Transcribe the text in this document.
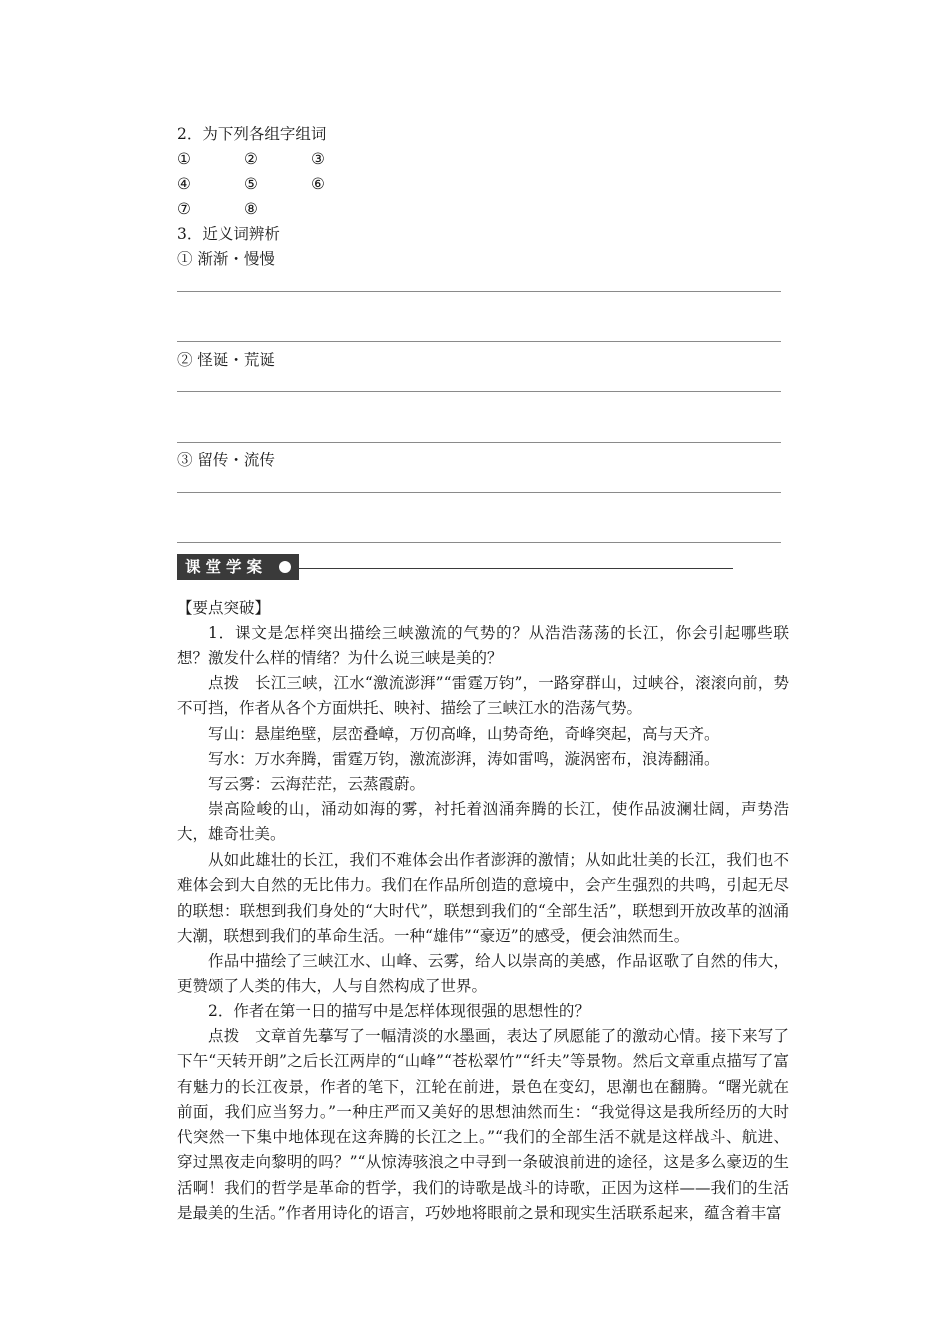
2．为下列各组字组词
①	②	③
④	⑤	⑥
⑦	⑧
3．近义词辨析
① 渐渐・慢慢
② 怪诞・荒诞
③ 留传・流传
课堂学案
【要点突破】
1．课文是怎样突出描绘三峡激流的气势的？从浩浩荡荡的长江，你会引起哪些联想？激发什么样的情绪？为什么说三峡是美的？
点拨　长江三峡，江水“激流澎湃”“雷霆万钧”，一路穿群山，过峡谷，滚滚向前，势不可挡，作者从各个方面烘托、映衬、描绘了三峡江水的浩荡气势。
写山：悬崖绝壁，层峦叠嶂，万仞高峰，山势奇绝，奇峰突起，高与天齐。
写水：万水奔腾，雷霆万钧，激流澎湃，涛如雷鸣，漩涡密布，浪涛翻涌。
写云雾：云海茫茫，云蒸霞蔚。
崇高险峻的山，涌动如海的雾，衬托着汹涌奔腾的长江，使作品波澜壮阔，声势浩大，雄奇壮美。
从如此雄壮的长江，我们不难体会出作者澎湃的激情；从如此壮美的长江，我们也不难体会到大自然的无比伟力。我们在作品所创造的意境中，会产生强烈的共鸣，引起无尽的联想：联想到我们身处的“大时代”，联想到我们的“全部生活”，联想到开放改革的汹涌大潮，联想到我们的革命生活。一种“雄伟”“豪迈”的感受，便会油然而生。
作品中描绘了三峡江水、山峰、云雾，给人以崇高的美感，作品讴歌了自然的伟大，更赞颂了人类的伟大，人与自然构成了世界。
2．作者在第一日的描写中是怎样体现很强的思想性的？
点拨　文章首先摹写了一幅清淡的水墨画，表达了夙愿能了的激动心情。接下来写了下午“天转开朗”之后长江两岸的“山峰”“苍松翠竹”“纤夫”等景物。然后文章重点描写了富有魅力的长江夜景，作者的笔下，江轮在前进，景色在变幻，思潮也在翻腾。“曙光就在前面，我们应当努力。”一种庄严而又美好的思想油然而生：“我觉得这是我所经历的大时代突然一下集中地体现在这奔腾的长江之上。”“我们的全部生活不就是这样战斗、航进、穿过黑夜走向黎明的吗？”“从惊涛骇浪之中寻到一条破浪前进的途径，这是多么豪迈的生活啊！我们的哲学是革命的哲学，我们的诗歌是战斗的诗歌，正因为这样——我们的生活是最美的生活。”作者用诗化的语言，巧妙地将眼前之景和现实生活联系起来，蕴含着丰富
